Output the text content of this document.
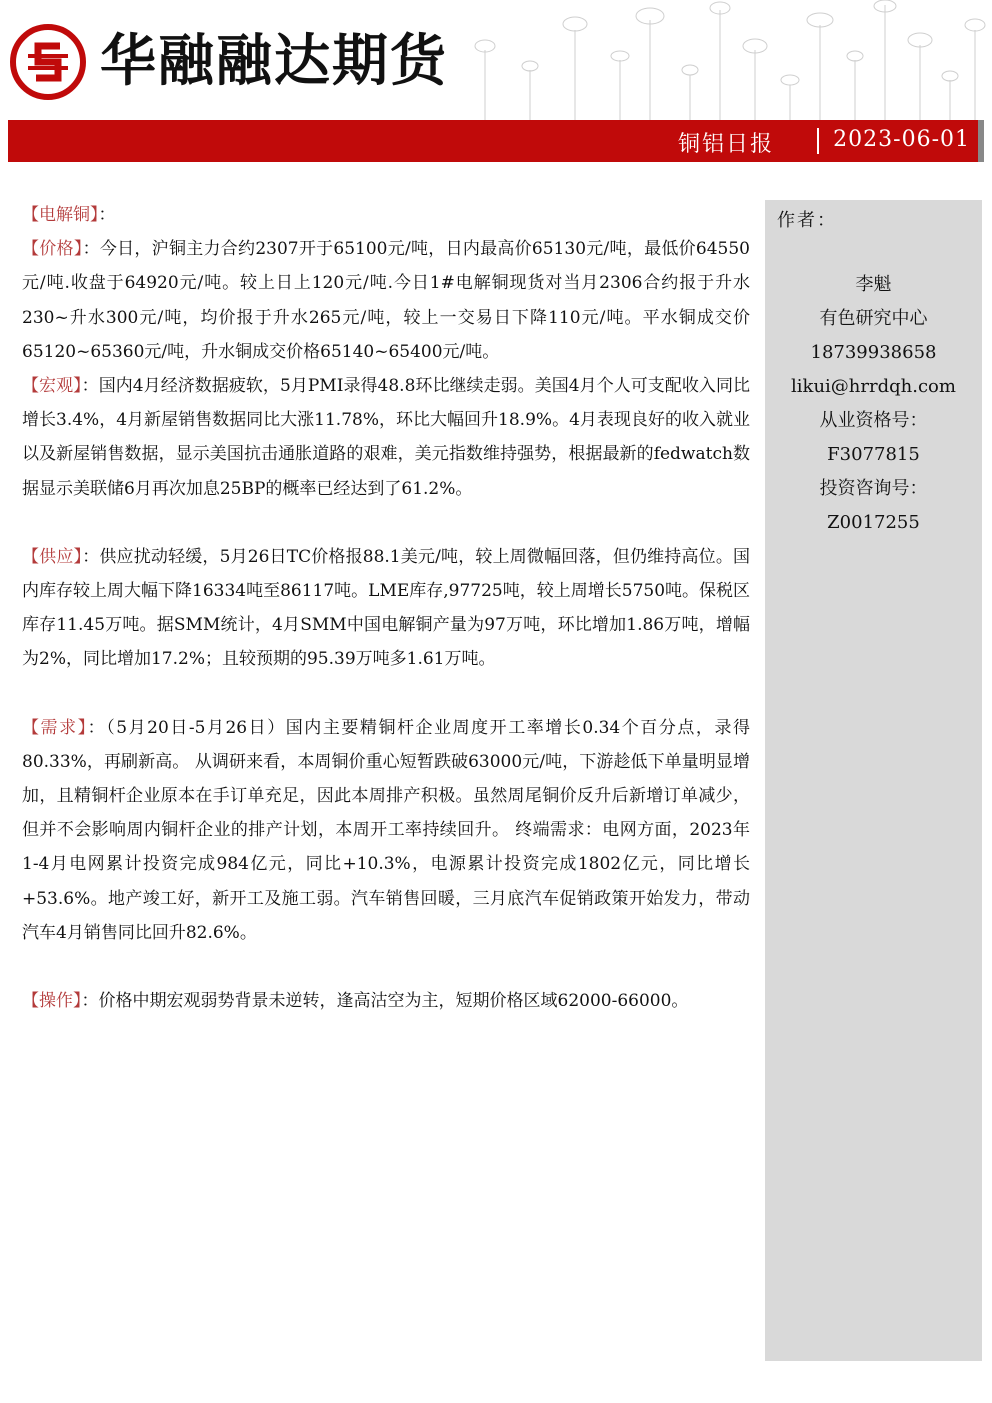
华融融达期货
铜铝日报	2023-06-01

【电解铜】：

【价格】：今日，沪铜主力合约2307开于65100元/吨，日内最高价65130元/吨，最低价64550元/吨.收盘于64920元/吨。较上日上120元/吨.今日1#电解铜现货对当月2306合约报于升水230~升水300元/吨，均价报于升水265元/吨，较上一交易日下降110元/吨。平水铜成交价65120~65360元/吨，升水铜成交价格65140~65400元/吨。

【宏观】：国内4月经济数据疲软，5月PMI录得48.8环比继续走弱。美国4月个人可支配收入同比增长3.4%，4月新屋销售数据同比大涨11.78%，环比大幅回升18.9%。4月表现良好的收入就业以及新屋销售数据，显示美国抗击通胀道路的艰难，美元指数维持强势，根据最新的fedwatch数据显示美联储6月再次加息25BP的概率已经达到了61.2%。

【供应】：供应扰动轻缓，5月26日TC价格报88.1美元/吨，较上周微幅回落，但仍维持高位。国内库存较上周大幅下降16334吨至86117吨。LME库存,97725吨，较上周增长5750吨。保税区库存11.45万吨。据SMM统计，4月SMM中国电解铜产量为97万吨，环比增加1.86万吨，增幅为2%，同比增加17.2%；且较预期的95.39万吨多1.61万吨。

【需求】：（5月20日-5月26日）国内主要精铜杆企业周度开工率增长0.34个百分点，录得80.33%，再刷新高。 从调研来看，本周铜价重心短暂跌破63000元/吨，下游趁低下单量明显增加，且精铜杆企业原本在手订单充足，因此本周排产积极。虽然周尾铜价反升后新增订单减少，但并不会影响周内铜杆企业的排产计划，本周开工率持续回升。 终端需求：电网方面，2023年1-4月电网累计投资完成984亿元，同比+10.3%，电源累计投资完成1802亿元，同比增长+53.6%。地产竣工好，新开工及施工弱。汽车销售回暖，三月底汽车促销政策开始发力，带动汽车4月销售同比回升82.6%。

【操作】：价格中期宏观弱势背景未逆转，逢高沽空为主，短期价格区域62000-66000。

作者：
李魁
有色研究中心
18739938658
likui@hrrdqh.com
从业资格号：
F3077815
投资咨询号：
Z0017255
